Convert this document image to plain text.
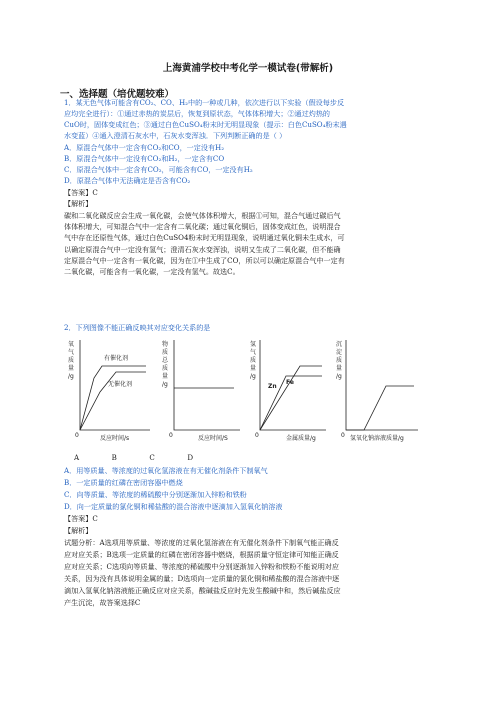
上海黄浦学校中考化学一模试卷(带解析)
一、选择题（培优题较难）
1．某无色气体可能含有CO₂、CO、H₂中的一种或几种，依次进行以下实验（假设每步反
应均完全进行）：①通过赤热的炭层后，恢复到原状态，气体体积增大；②通过灼热的
CuO时，固体变成红色；③通过白色CuSO₄粉末时无明显现象（提示：白色CuSO₄粉末遇
水变蓝）④通入澄清石灰水中，石灰水变浑浊．下列判断正确的是（ ）
A．原混合气体中一定含有CO₂和CO，一定没有H₂
B．原混合气体中一定没有CO₂和H₂，一定含有CO
C．原混合气体中一定含有CO₂，可能含有CO，一定没有H₂
D．原混合气体中无法确定是否含有CO₂
【答案】C
【解析】
碳和二氧化碳反应会生成一氧化碳，会使气体体积增大，根据①可知，混合气通过碳后气
体体积增大，可知混合气中一定含有二氧化碳；通过氧化铜后，固体变成红色，说明混合
气中存在还原性气体，通过白色CuSO4粉末时无明显现象，说明通过氧化铜未生成水，可
以确定原混合气中一定没有氢气；澄清石灰水变浑浊，说明又生成了二氧化碳，但不能确
定原混合气中一定含有一氧化碳，因为在①中生成了CO，所以可以确定原混合气中一定有
二氧化碳，可能含有一氧化碳，一定没有氢气。故选C。
2．下列图像不能正确反映其对应变化关系的是
氧
气
质
量
/g
0
有催化剂
无催化剂
反应时间/s
物
质
总
质
量
/g
0	反应时间/S
氢
气
质
量
/g
0
Zn
Fe
金属质量/g
沉
淀
质
量
/g
0 氢氧化钠溶液质量/g
A	B	C	D
A．用等质量、等浓度的过氧化氢溶液在有无催化剂条件下制氧气
B．一定质量的红磷在密闭容器中燃烧
C．向等质量、等浓度的稀硫酸中分别逐渐加入锌粉和铁粉
D．向一定质量的氯化铜和稀盐酸的混合溶液中逐滴加入氢氧化钠溶液
【答案】C
【解析】
试题分析：A选项用等质量、等浓度的过氧化氢溶液在有无催化剂条件下制氧气能正确反
应对应关系；B选项一定质量的红磷在密闭容器中燃烧，根据质量守恒定律可知能正确反
应对应关系；C选项向等质量、等浓度的稀硫酸中分别逐渐加入锌粉和铁粉不能说明对应
关系，因为没有具体说明金属的量；D选项向一定质量的氯化铜和稀盐酸的混合溶液中逐
滴加入氢氧化钠溶液能正确反应对应关系，酸碱盐反应时先发生酸碱中和，然后碱盐反应
产生沉淀，故答案选择C
